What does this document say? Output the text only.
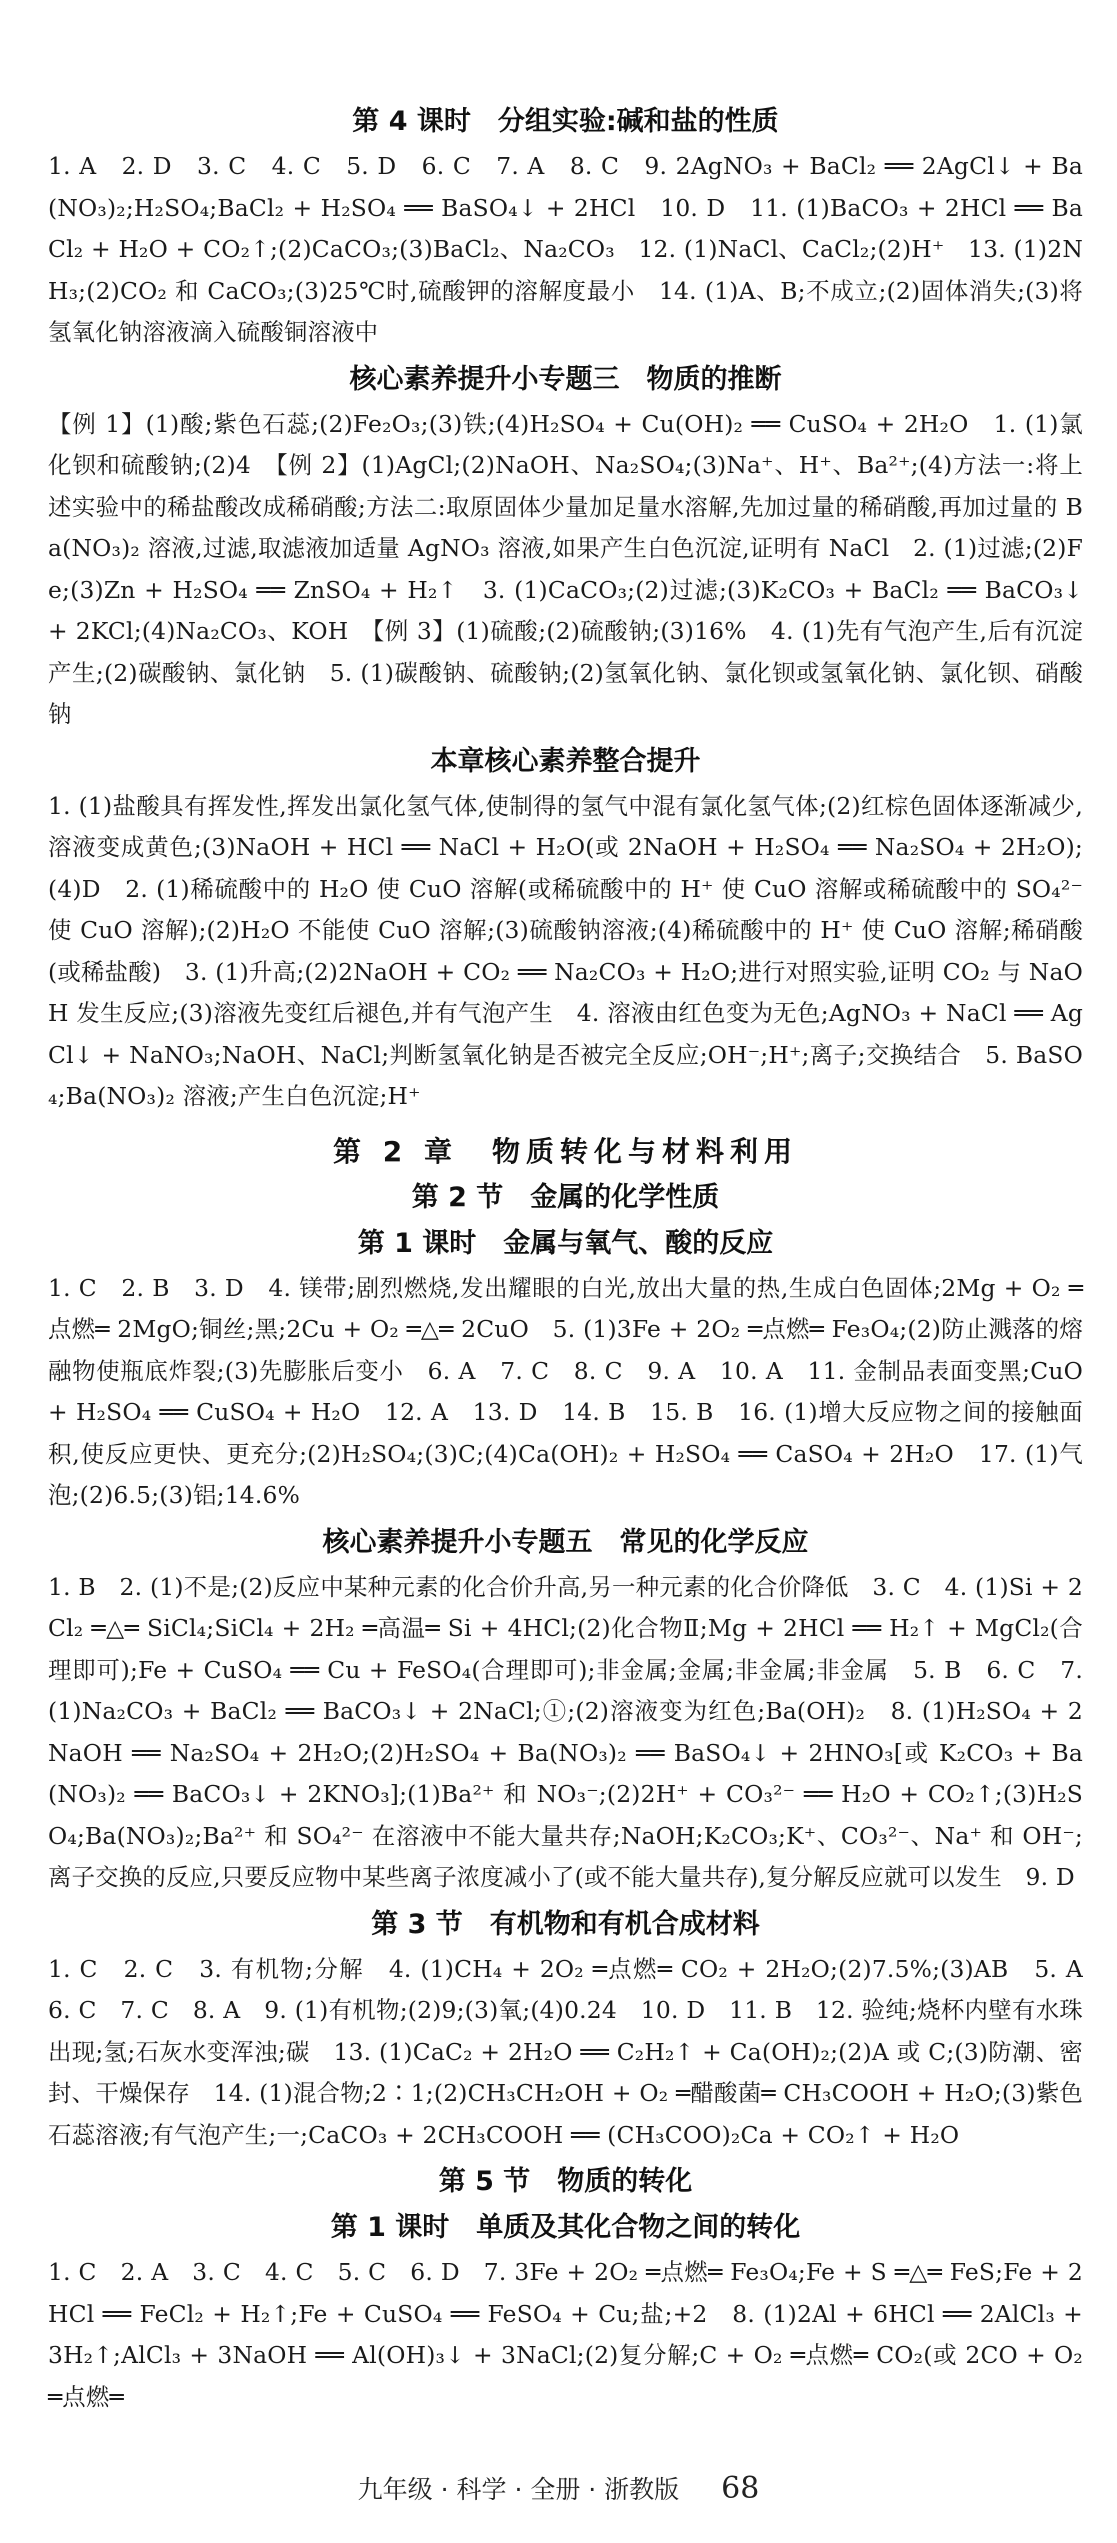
第 4 课时　分组实验:碱和盐的性质

1. A　2. D　3. C　4. C　5. D　6. C　7. A　8. C　9. 2AgNO₃ + BaCl₂ ══ 2AgCl↓ + Ba(NO₃)₂;H₂SO₄;BaCl₂ + H₂SO₄ ══ BaSO₄↓ + 2HCl　10. D　11. (1)BaCO₃ + 2HCl ══ BaCl₂ + H₂O + CO₂↑;(2)CaCO₃;(3)BaCl₂、Na₂CO₃　12. (1)NaCl、CaCl₂;(2)H⁺　13. (1)2NH₃;(2)CO₂ 和 CaCO₃;(3)25℃时,硫酸钾的溶解度最小　14. (1)A、B;不成立;(2)固体消失;(3)将氢氧化钠溶液滴入硫酸铜溶液中

核心素养提升小专题三　物质的推断

【例 1】(1)酸;紫色石蕊;(2)Fe₂O₃;(3)铁;(4)H₂SO₄ + Cu(OH)₂ ══ CuSO₄ + 2H₂O　1. (1)氯化钡和硫酸钠;(2)4　【例 2】(1)AgCl;(2)NaOH、Na₂SO₄;(3)Na⁺、H⁺、Ba²⁺;(4)方法一:将上述实验中的稀盐酸改成稀硝酸;方法二:取原固体少量加足量水溶解,先加过量的稀硝酸,再加过量的 Ba(NO₃)₂ 溶液,过滤,取滤液加适量 AgNO₃ 溶液,如果产生白色沉淀,证明有 NaCl　2. (1)过滤;(2)Fe;(3)Zn + H₂SO₄ ══ ZnSO₄ + H₂↑　3. (1)CaCO₃;(2)过滤;(3)K₂CO₃ + BaCl₂ ══ BaCO₃↓ + 2KCl;(4)Na₂CO₃、KOH　【例 3】(1)硫酸;(2)硫酸钠;(3)16%　4. (1)先有气泡产生,后有沉淀产生;(2)碳酸钠、氯化钠　5. (1)碳酸钠、硫酸钠;(2)氢氧化钠、氯化钡或氢氧化钠、氯化钡、硝酸钠

本章核心素养整合提升

1. (1)盐酸具有挥发性,挥发出氯化氢气体,使制得的氢气中混有氯化氢气体;(2)红棕色固体逐渐减少,溶液变成黄色;(3)NaOH + HCl ══ NaCl + H₂O(或 2NaOH + H₂SO₄ ══ Na₂SO₄ + 2H₂O);(4)D　2. (1)稀硫酸中的 H₂O 使 CuO 溶解(或稀硫酸中的 H⁺ 使 CuO 溶解或稀硫酸中的 SO₄²⁻ 使 CuO 溶解);(2)H₂O 不能使 CuO 溶解;(3)硫酸钠溶液;(4)稀硫酸中的 H⁺ 使 CuO 溶解;稀硝酸(或稀盐酸)　3. (1)升高;(2)2NaOH + CO₂ ══ Na₂CO₃ + H₂O;进行对照实验,证明 CO₂ 与 NaOH 发生反应;(3)溶液先变红后褪色,并有气泡产生　4. 溶液由红色变为无色;AgNO₃ + NaCl ══ AgCl↓ + NaNO₃;NaOH、NaCl;判断氢氧化钠是否被完全反应;OH⁻;H⁺;离子;交换结合　5. BaSO₄;Ba(NO₃)₂ 溶液;产生白色沉淀;H⁺

第 2 章　物质转化与材料利用
第 2 节　金属的化学性质
第 1 课时　金属与氧气、酸的反应

1. C　2. B　3. D　4. 镁带;剧烈燃烧,发出耀眼的白光,放出大量的热,生成白色固体;2Mg + O₂ ═点燃═ 2MgO;铜丝;黑;2Cu + O₂ ═△═ 2CuO　5. (1)3Fe + 2O₂ ═点燃═ Fe₃O₄;(2)防止溅落的熔融物使瓶底炸裂;(3)先膨胀后变小　6. A　7. C　8. C　9. A　10. A　11. 金制品表面变黑;CuO + H₂SO₄ ══ CuSO₄ + H₂O　12. A　13. D　14. B　15. B　16. (1)增大反应物之间的接触面积,使反应更快、更充分;(2)H₂SO₄;(3)C;(4)Ca(OH)₂ + H₂SO₄ ══ CaSO₄ + 2H₂O　17. (1)气泡;(2)6.5;(3)铝;14.6%

核心素养提升小专题五　常见的化学反应

1. B　2. (1)不是;(2)反应中某种元素的化合价升高,另一种元素的化合价降低　3. C　4. (1)Si + 2Cl₂ ═△═ SiCl₄;SiCl₄ + 2H₂ ═高温═ Si + 4HCl;(2)化合物Ⅱ;Mg + 2HCl ══ H₂↑ + MgCl₂(合理即可);Fe + CuSO₄ ══ Cu + FeSO₄(合理即可);非金属;金属;非金属;非金属　5. B　6. C　7. (1)Na₂CO₃ + BaCl₂ ══ BaCO₃↓ + 2NaCl;①;(2)溶液变为红色;Ba(OH)₂　8. (1)H₂SO₄ + 2NaOH ══ Na₂SO₄ + 2H₂O;(2)H₂SO₄ + Ba(NO₃)₂ ══ BaSO₄↓ + 2HNO₃[或 K₂CO₃ + Ba(NO₃)₂ ══ BaCO₃↓ + 2KNO₃];(1)Ba²⁺ 和 NO₃⁻;(2)2H⁺ + CO₃²⁻ ══ H₂O + CO₂↑;(3)H₂SO₄;Ba(NO₃)₂;Ba²⁺ 和 SO₄²⁻ 在溶液中不能大量共存;NaOH;K₂CO₃;K⁺、CO₃²⁻、Na⁺ 和 OH⁻;离子交换的反应,只要反应物中某些离子浓度减小了(或不能大量共存),复分解反应就可以发生　9. D

第 3 节　有机物和有机合成材料

1. C　2. C　3. 有机物;分解　4. (1)CH₄ + 2O₂ ═点燃═ CO₂ + 2H₂O;(2)7.5%;(3)AB　5. A　6. C　7. C　8. A　9. (1)有机物;(2)9;(3)氧;(4)0.24　10. D　11. B　12. 验纯;烧杯内壁有水珠出现;氢;石灰水变浑浊;碳　13. (1)CaC₂ + 2H₂O ══ C₂H₂↑ + Ca(OH)₂;(2)A 或 C;(3)防潮、密封、干燥保存　14. (1)混合物;2∶1;(2)CH₃CH₂OH + O₂ ═醋酸菌═ CH₃COOH + H₂O;(3)紫色石蕊溶液;有气泡产生;一;CaCO₃ + 2CH₃COOH ══ (CH₃COO)₂Ca + CO₂↑ + H₂O

第 5 节　物质的转化
第 1 课时　单质及其化合物之间的转化

1. C　2. A　3. C　4. C　5. C　6. D　7. 3Fe + 2O₂ ═点燃═ Fe₃O₄;Fe + S ═△═ FeS;Fe + 2HCl ══ FeCl₂ + H₂↑;Fe + CuSO₄ ══ FeSO₄ + Cu;盐;+2　8. (1)2Al + 6HCl ══ 2AlCl₃ + 3H₂↑;AlCl₃ + 3NaOH ══ Al(OH)₃↓ + 3NaCl;(2)复分解;C + O₂ ═点燃═ CO₂(或 2CO + O₂ ═点燃═

九年级 · 科学 · 全册 · 浙教版 68
